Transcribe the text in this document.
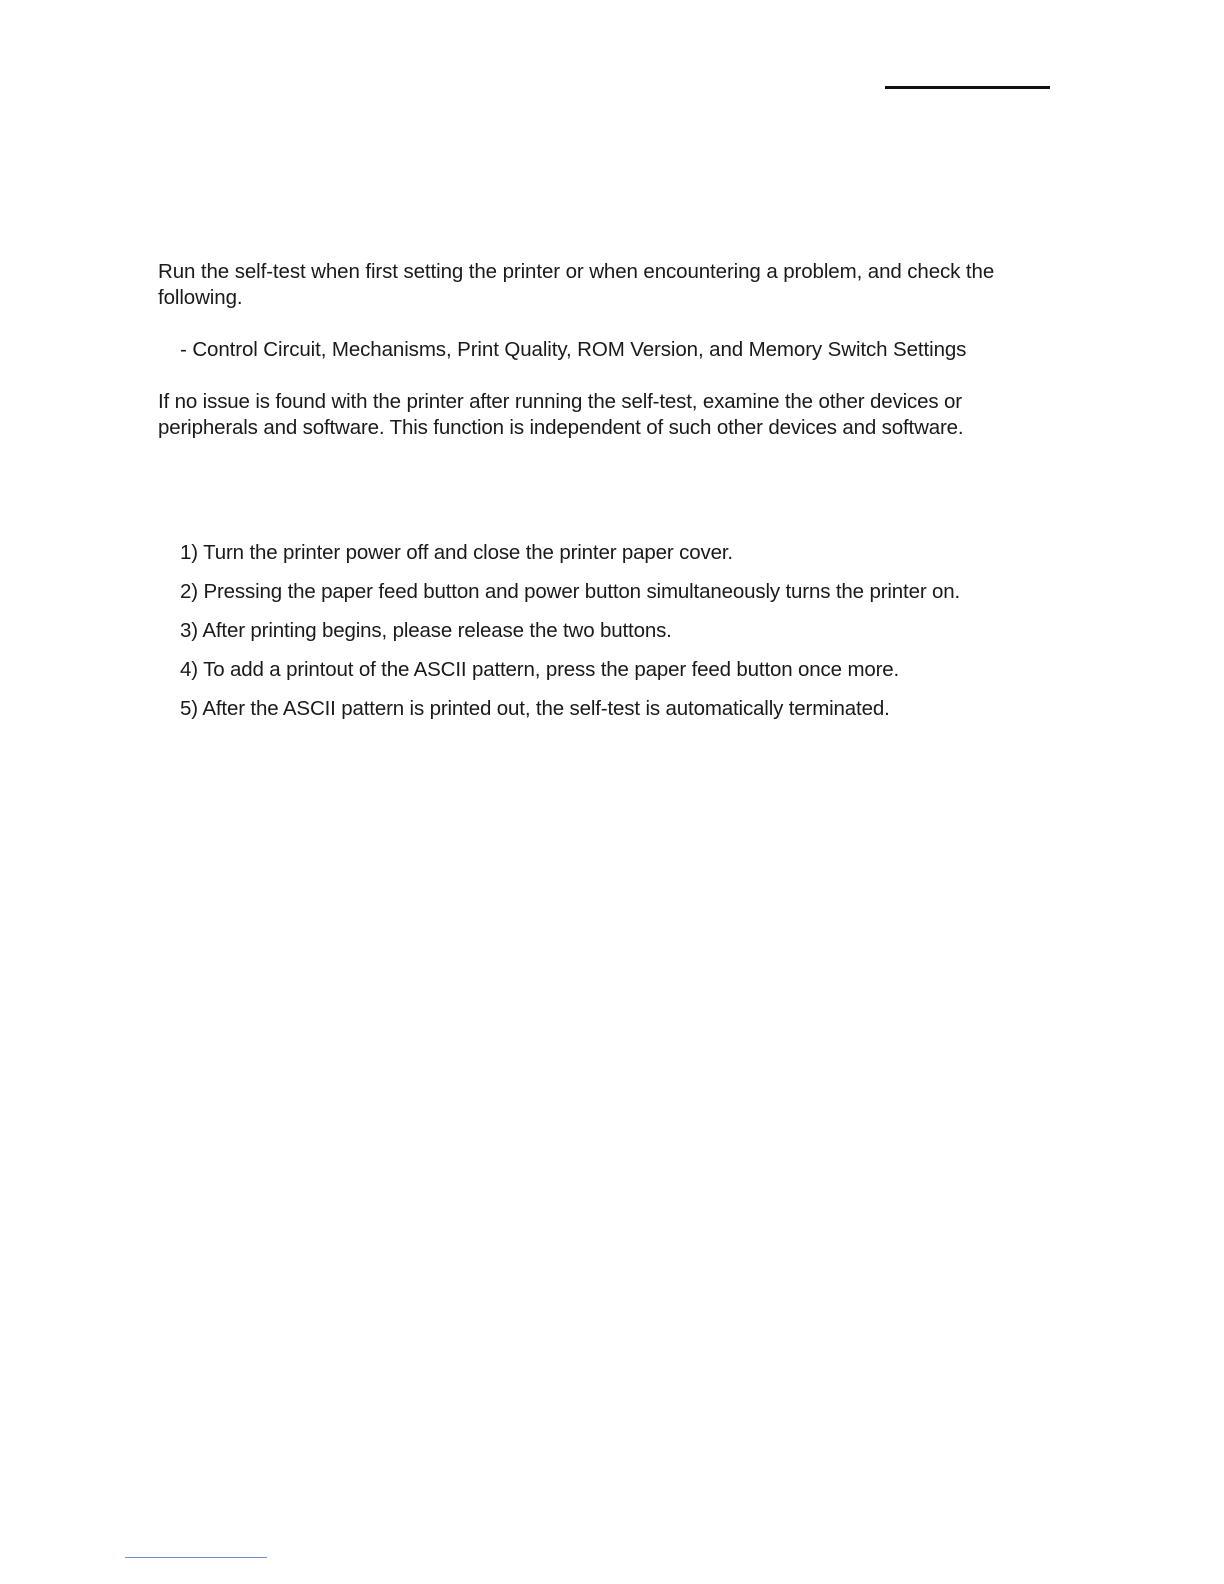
Run the self-test when first setting the printer or when encountering a problem, and check the following.

- Control Circuit, Mechanisms, Print Quality, ROM Version, and Memory Switch Settings

If no issue is found with the printer after running the self-test, examine the other devices or peripherals and software. This function is independent of such other devices and software.

1) Turn the printer power off and close the printer paper cover.
2) Pressing the paper feed button and power button simultaneously turns the printer on.
3) After printing begins, please release the two buttons.
4) To add a printout of the ASCII pattern, press the paper feed button once more.
5) After the ASCII pattern is printed out, the self-test is automatically terminated.
